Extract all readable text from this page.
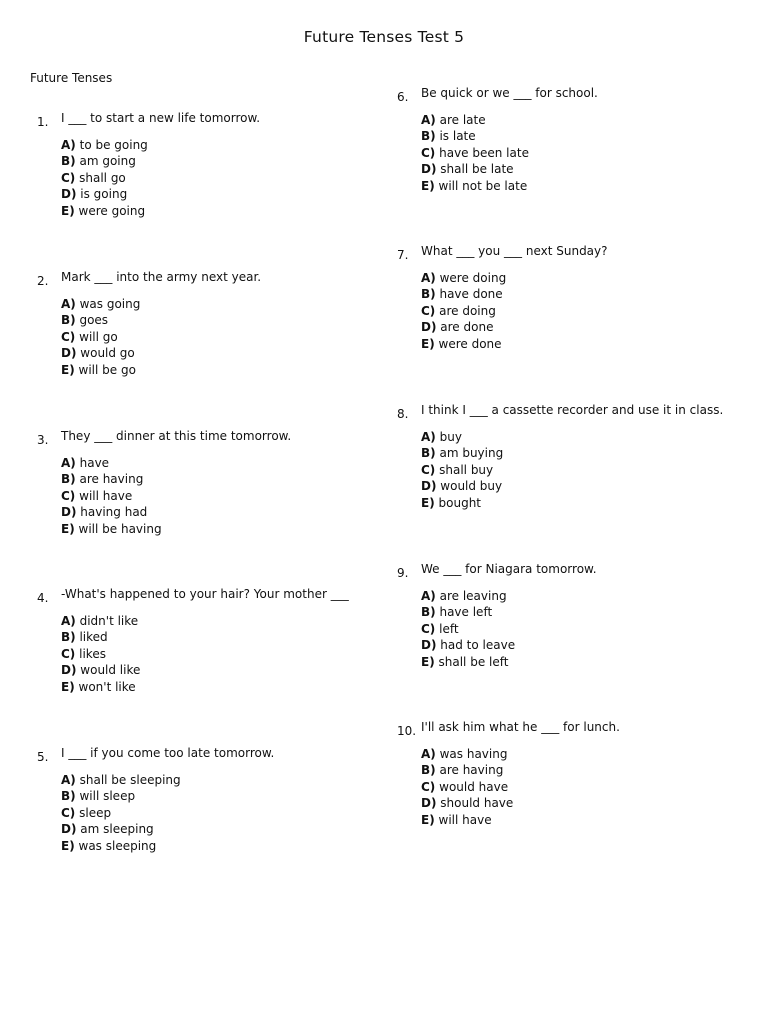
Future Tenses Test 5
Future Tenses
1. I ___ to start a new life tomorrow.
A) to be going
B) am going
C) shall go
D) is going
E) were going
2. Mark ___ into the army next year.
A) was going
B) goes
C) will go
D) would go
E) will be go
3. They ___ dinner at this time tomorrow.
A) have
B) are having
C) will have
D) having had
E) will be having
4. -What's happened to your hair? Your mother ___
A) didn't like
B) liked
C) likes
D) would like
E) won't like
5. I ___ if you come too late tomorrow.
A) shall be sleeping
B) will sleep
C) sleep
D) am sleeping
E) was sleeping
6. Be quick or we ___ for school.
A) are late
B) is late
C) have been late
D) shall be late
E) will not be late
7. What ___ you ___ next Sunday?
A) were doing
B) have done
C) are doing
D) are done
E) were done
8. I think I ___ a cassette recorder and use it in class.
A) buy
B) am buying
C) shall buy
D) would buy
E) bought
9. We ___ for Niagara tomorrow.
A) are leaving
B) have left
C) left
D) had to leave
E) shall be left
10. I'll ask him what he ___ for lunch.
A) was having
B) are having
C) would have
D) should have
E) will have
